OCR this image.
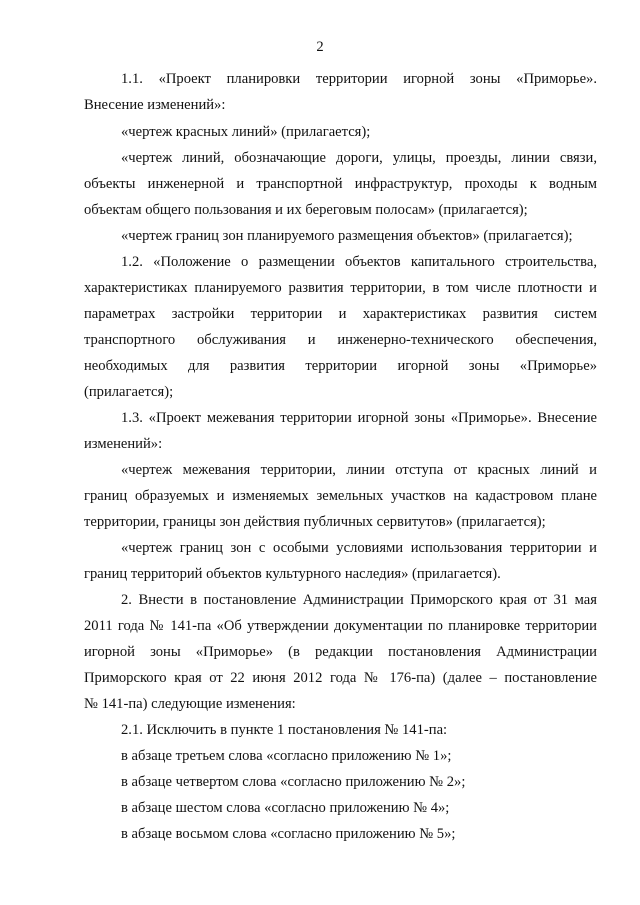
2
1.1. «Проект планировки территории игорной зоны «Приморье».
Внесение изменений»:
«чертеж красных линий» (прилагается);
«чертеж линий, обозначающие дороги, улицы, проезды, линии связи,
объекты инженерной и транспортной инфраструктур, проходы к водным
объектам общего пользования и их береговым полосам» (прилагается);
«чертеж границ зон планируемого размещения объектов» (прилагается);
1.2. «Положение о размещении объектов капитального строительства,
характеристиках планируемого развития территории, в том числе плотности и
параметрах застройки территории и характеристиках развития систем
транспортного обслуживания и инженерно-технического обеспечения,
необходимых для развития территории игорной зоны «Приморье»
(прилагается);
1.3. «Проект межевания территории игорной зоны «Приморье». Внесение
изменений»:
«чертеж межевания территории, линии отступа от красных линий и
границ образуемых и изменяемых земельных участков на кадастровом плане
территории, границы зон действия публичных сервитутов» (прилагается);
«чертеж границ зон с особыми условиями использования территории и
границ территорий объектов культурного наследия» (прилагается).
2. Внести в постановление Администрации Приморского края от 31 мая
2011 года № 141-па «Об утверждении документации по планировке территории
игорной зоны «Приморье» (в редакции постановления Администрации
Приморского края от 22 июня 2012 года № 176-па) (далее – постановление
№ 141-па) следующие изменения:
2.1. Исключить в пункте 1 постановления № 141-па:
в абзаце третьем слова «согласно приложению № 1»;
в абзаце четвертом слова «согласно приложению № 2»;
в абзаце шестом слова «согласно приложению № 4»;
в абзаце восьмом слова «согласно приложению № 5»;
